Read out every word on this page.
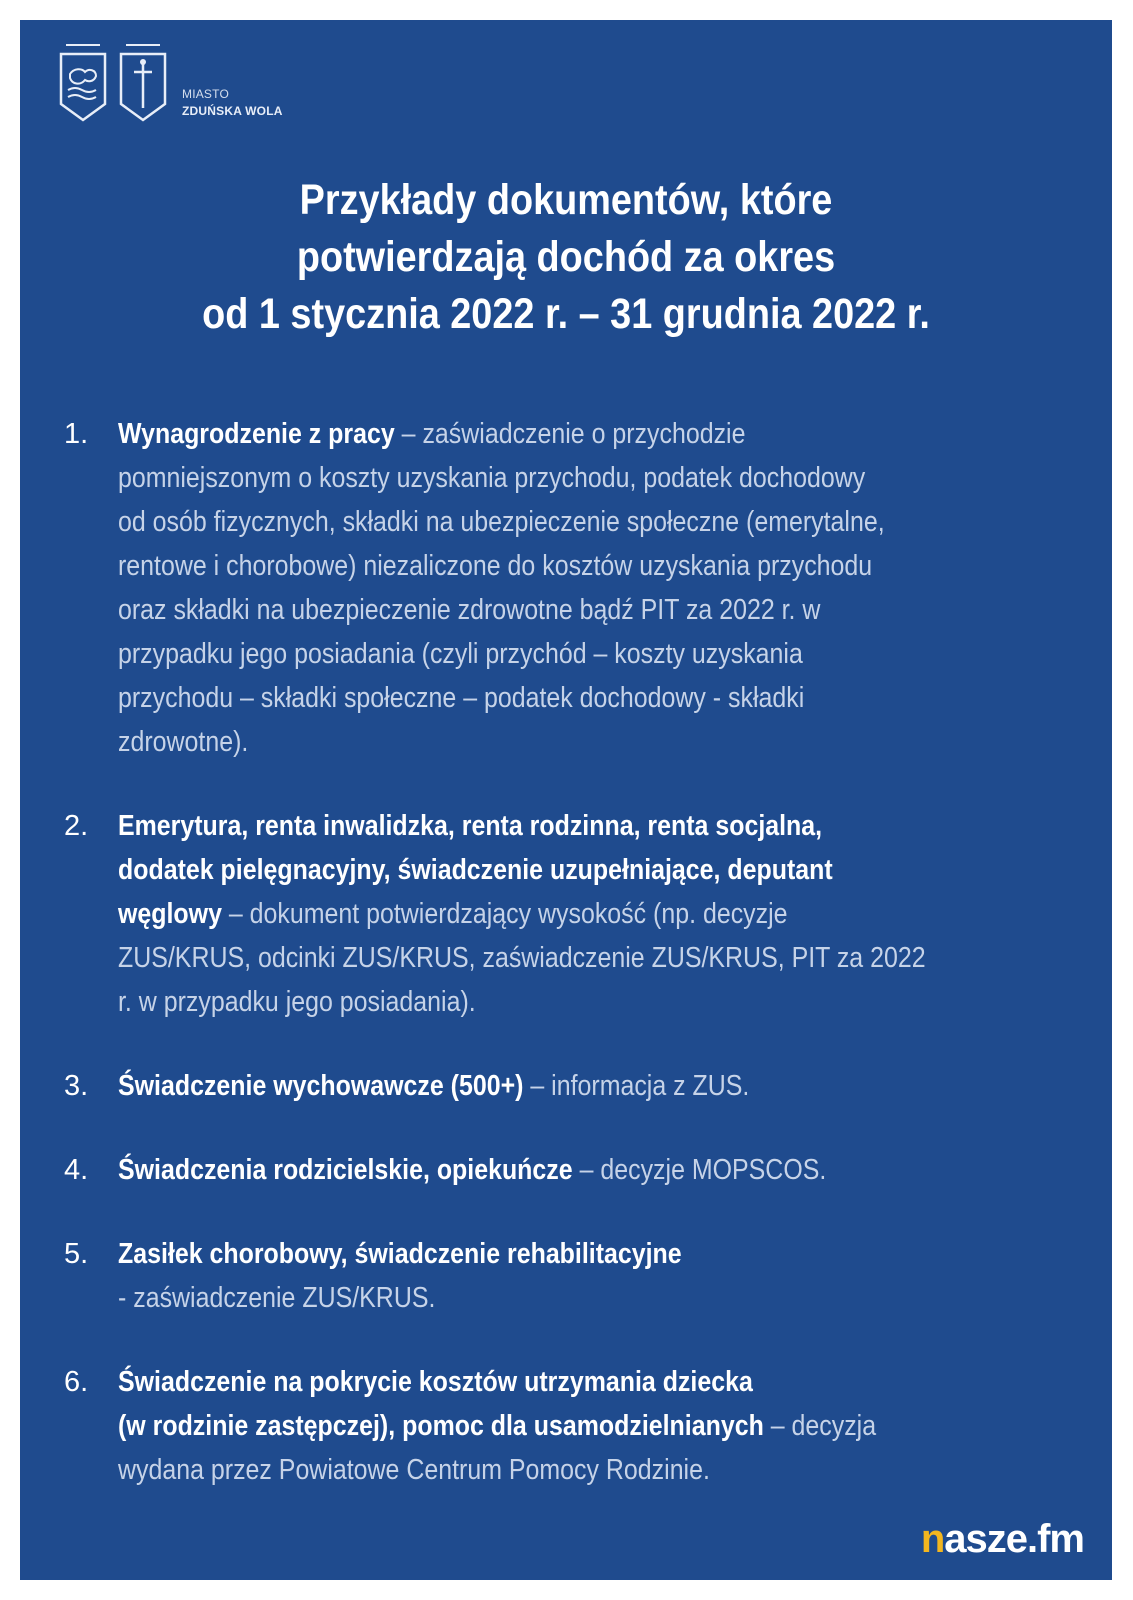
MIASTO
ZDUŃSKA WOLA
Przykłady dokumentów, które
potwierdzają dochód za okres
od 1 stycznia 2022 r. – 31 grudnia 2022 r.
1. Wynagrodzenie z pracy – zaświadczenie o przychodzie
pomniejszonym o koszty uzyskania przychodu, podatek dochodowy
od osób fizycznych, składki na ubezpieczenie społeczne (emerytalne,
rentowe i chorobowe) niezaliczone do kosztów uzyskania przychodu
oraz składki na ubezpieczenie zdrowotne bądź PIT za 2022 r. w
przypadku jego posiadania (czyli przychód – koszty uzyskania
przychodu – składki społeczne – podatek dochodowy - składki
zdrowotne).
2. Emerytura, renta inwalidzka, renta rodzinna, renta socjalna,
dodatek pielęgnacyjny, świadczenie uzupełniające, deputant
węglowy – dokument potwierdzający wysokość (np. decyzje
ZUS/KRUS, odcinki ZUS/KRUS, zaświadczenie ZUS/KRUS, PIT za 2022
r. w przypadku jego posiadania).
3. Świadczenie wychowawcze (500+) – informacja z ZUS.
4. Świadczenia rodzicielskie, opiekuńcze – decyzje MOPSCOS.
5. Zasiłek chorobowy, świadczenie rehabilitacyjne
- zaświadczenie ZUS/KRUS.
6. Świadczenie na pokrycie kosztów utrzymania dziecka
(w rodzinie zastępczej), pomoc dla usamodzielnianych – decyzja
wydana przez Powiatowe Centrum Pomocy Rodzinie.
nasze.fm
